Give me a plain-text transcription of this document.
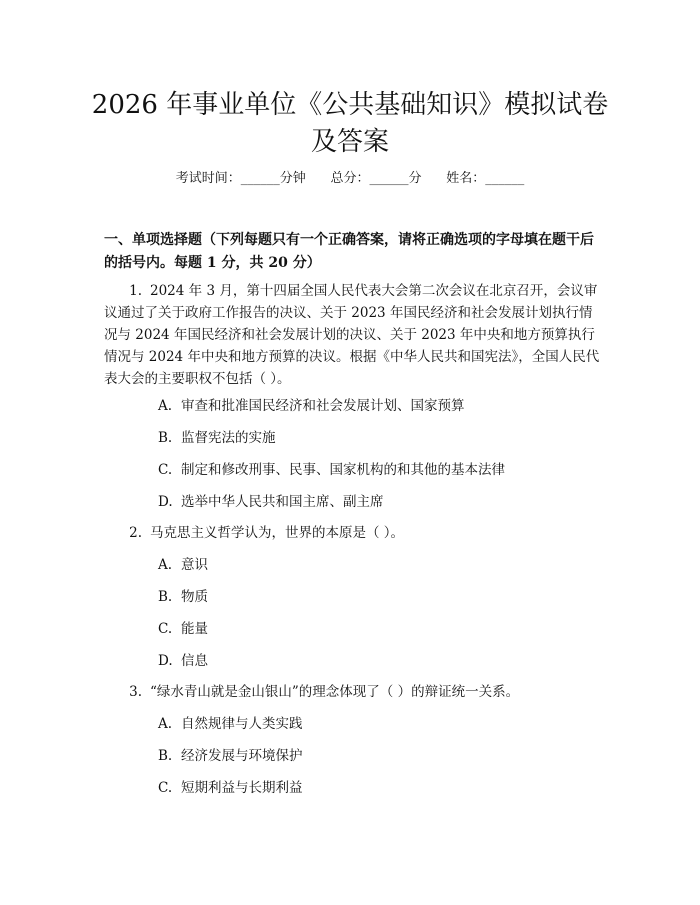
2026 年事业单位《公共基础知识》模拟试卷
及答案
考试时间：______分钟      总分：______分      姓名：______

一、单项选择题（下列每题只有一个正确答案，请将正确选项的字母填在题干后的括号内。每题 1 分，共 20 分）

1. 2024 年 3 月，第十四届全国人民代表大会第二次会议在北京召开，会议审议通过了关于政府工作报告的决议、关于 2023 年国民经济和社会发展计划执行情况与 2024 年国民经济和社会发展计划的决议、关于 2023 年中央和地方预算执行情况与 2024 年中央和地方预算的决议。根据《中华人民共和国宪法》，全国人民代表大会的主要职权不包括（ ）。

A. 审查和批准国民经济和社会发展计划、国家预算
B. 监督宪法的实施
C. 制定和修改刑事、民事、国家机构的和其他的基本法律
D. 选举中华人民共和国主席、副主席

2. 马克思主义哲学认为，世界的本原是（ ）。

A. 意识
B. 物质
C. 能量
D. 信息

3. “绿水青山就是金山银山”的理念体现了（ ）的辩证统一关系。

A. 自然规律与人类实践
B. 经济发展与环境保护
C. 短期利益与长期利益
